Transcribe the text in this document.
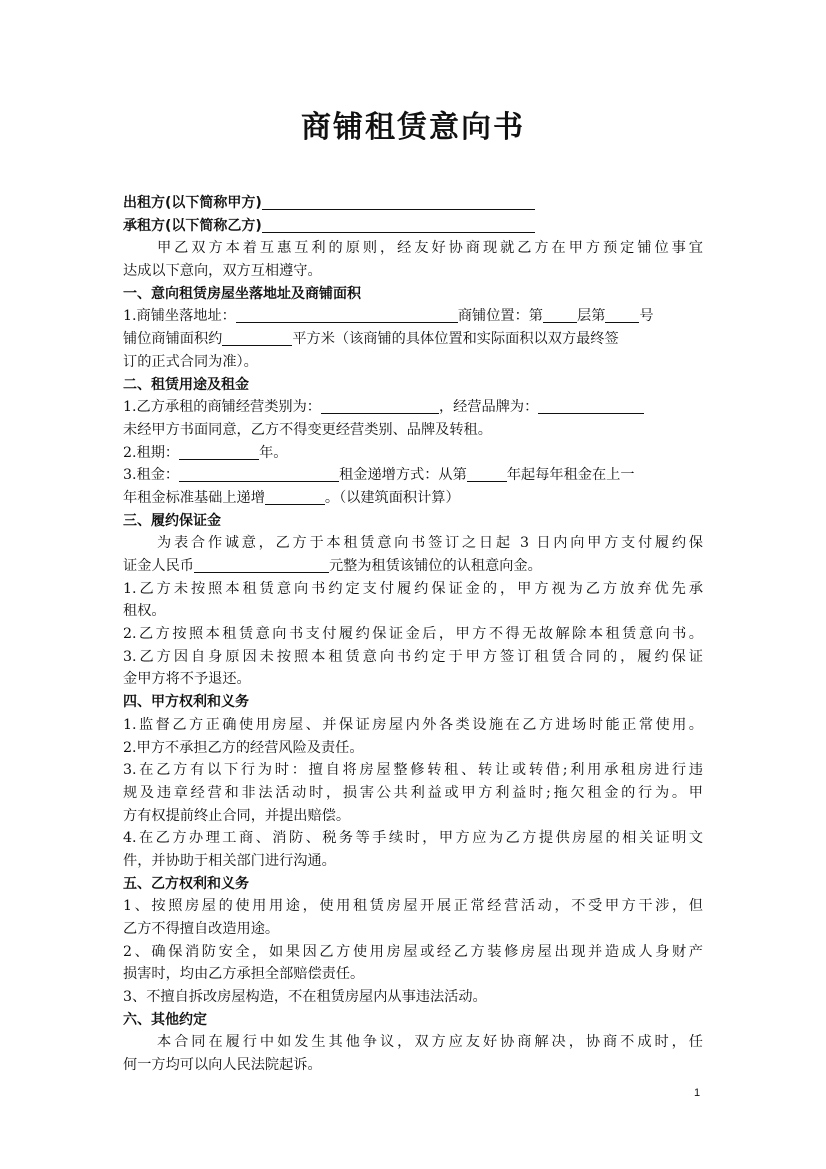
商铺租赁意向书
出租方(以下简称甲方)
承租方(以下简称乙方)
甲乙双方本着互惠互利的原则，经友好协商现就乙方在甲方预定铺位事宜
达成以下意向，双方互相遵守。
一、意向租赁房屋坐落地址及商铺面积
1.商铺坐落地址：	商铺位置：第 层第 号
铺位商铺面积约	平方米（该商铺的具体位置和实际面积以双方最终签
订的正式合同为准）。
二、租赁用途及租金
1.乙方承租的商铺经营类别为：	，经营品牌为：
未经甲方书面同意，乙方不得变更经营类别、品牌及转租。
2.租期：	年。
3.租金：	租金递增方式：从第	年起每年租金在上一
年租金标准基础上递增	。（以建筑面积计算）
三、履约保证金
为表合作诚意，乙方于本租赁意向书签订之日起 3 日内向甲方支付履约保
证金人民币	元整为租赁该铺位的认租意向金。
1.乙方未按照本租赁意向书约定支付履约保证金的，甲方视为乙方放弃优先承
租权。
2.乙方按照本租赁意向书支付履约保证金后，甲方不得无故解除本租赁意向书。
3.乙方因自身原因未按照本租赁意向书约定于甲方签订租赁合同的，履约保证
金甲方将不予退还。
四、甲方权利和义务
1.监督乙方正确使用房屋、并保证房屋内外各类设施在乙方进场时能正常使用。
2.甲方不承担乙方的经营风险及责任。
3.在乙方有以下行为时：擅自将房屋整修转租、转让或转借;利用承租房进行违
规及违章经营和非法活动时，损害公共利益或甲方利益时;拖欠租金的行为。甲
方有权提前终止合同，并提出赔偿。
4.在乙方办理工商、消防、税务等手续时，甲方应为乙方提供房屋的相关证明文
件，并协助于相关部门进行沟通。
五、乙方权利和义务
1、按照房屋的使用用途，使用租赁房屋开展正常经营活动，不受甲方干涉，但
乙方不得擅自改造用途。
2、确保消防安全，如果因乙方使用房屋或经乙方装修房屋出现并造成人身财产
损害时，均由乙方承担全部赔偿责任。
3、不擅自拆改房屋构造，不在租赁房屋内从事违法活动。
六、其他约定
本合同在履行中如发生其他争议，双方应友好协商解决，协商不成时，任
何一方均可以向人民法院起诉。
1
